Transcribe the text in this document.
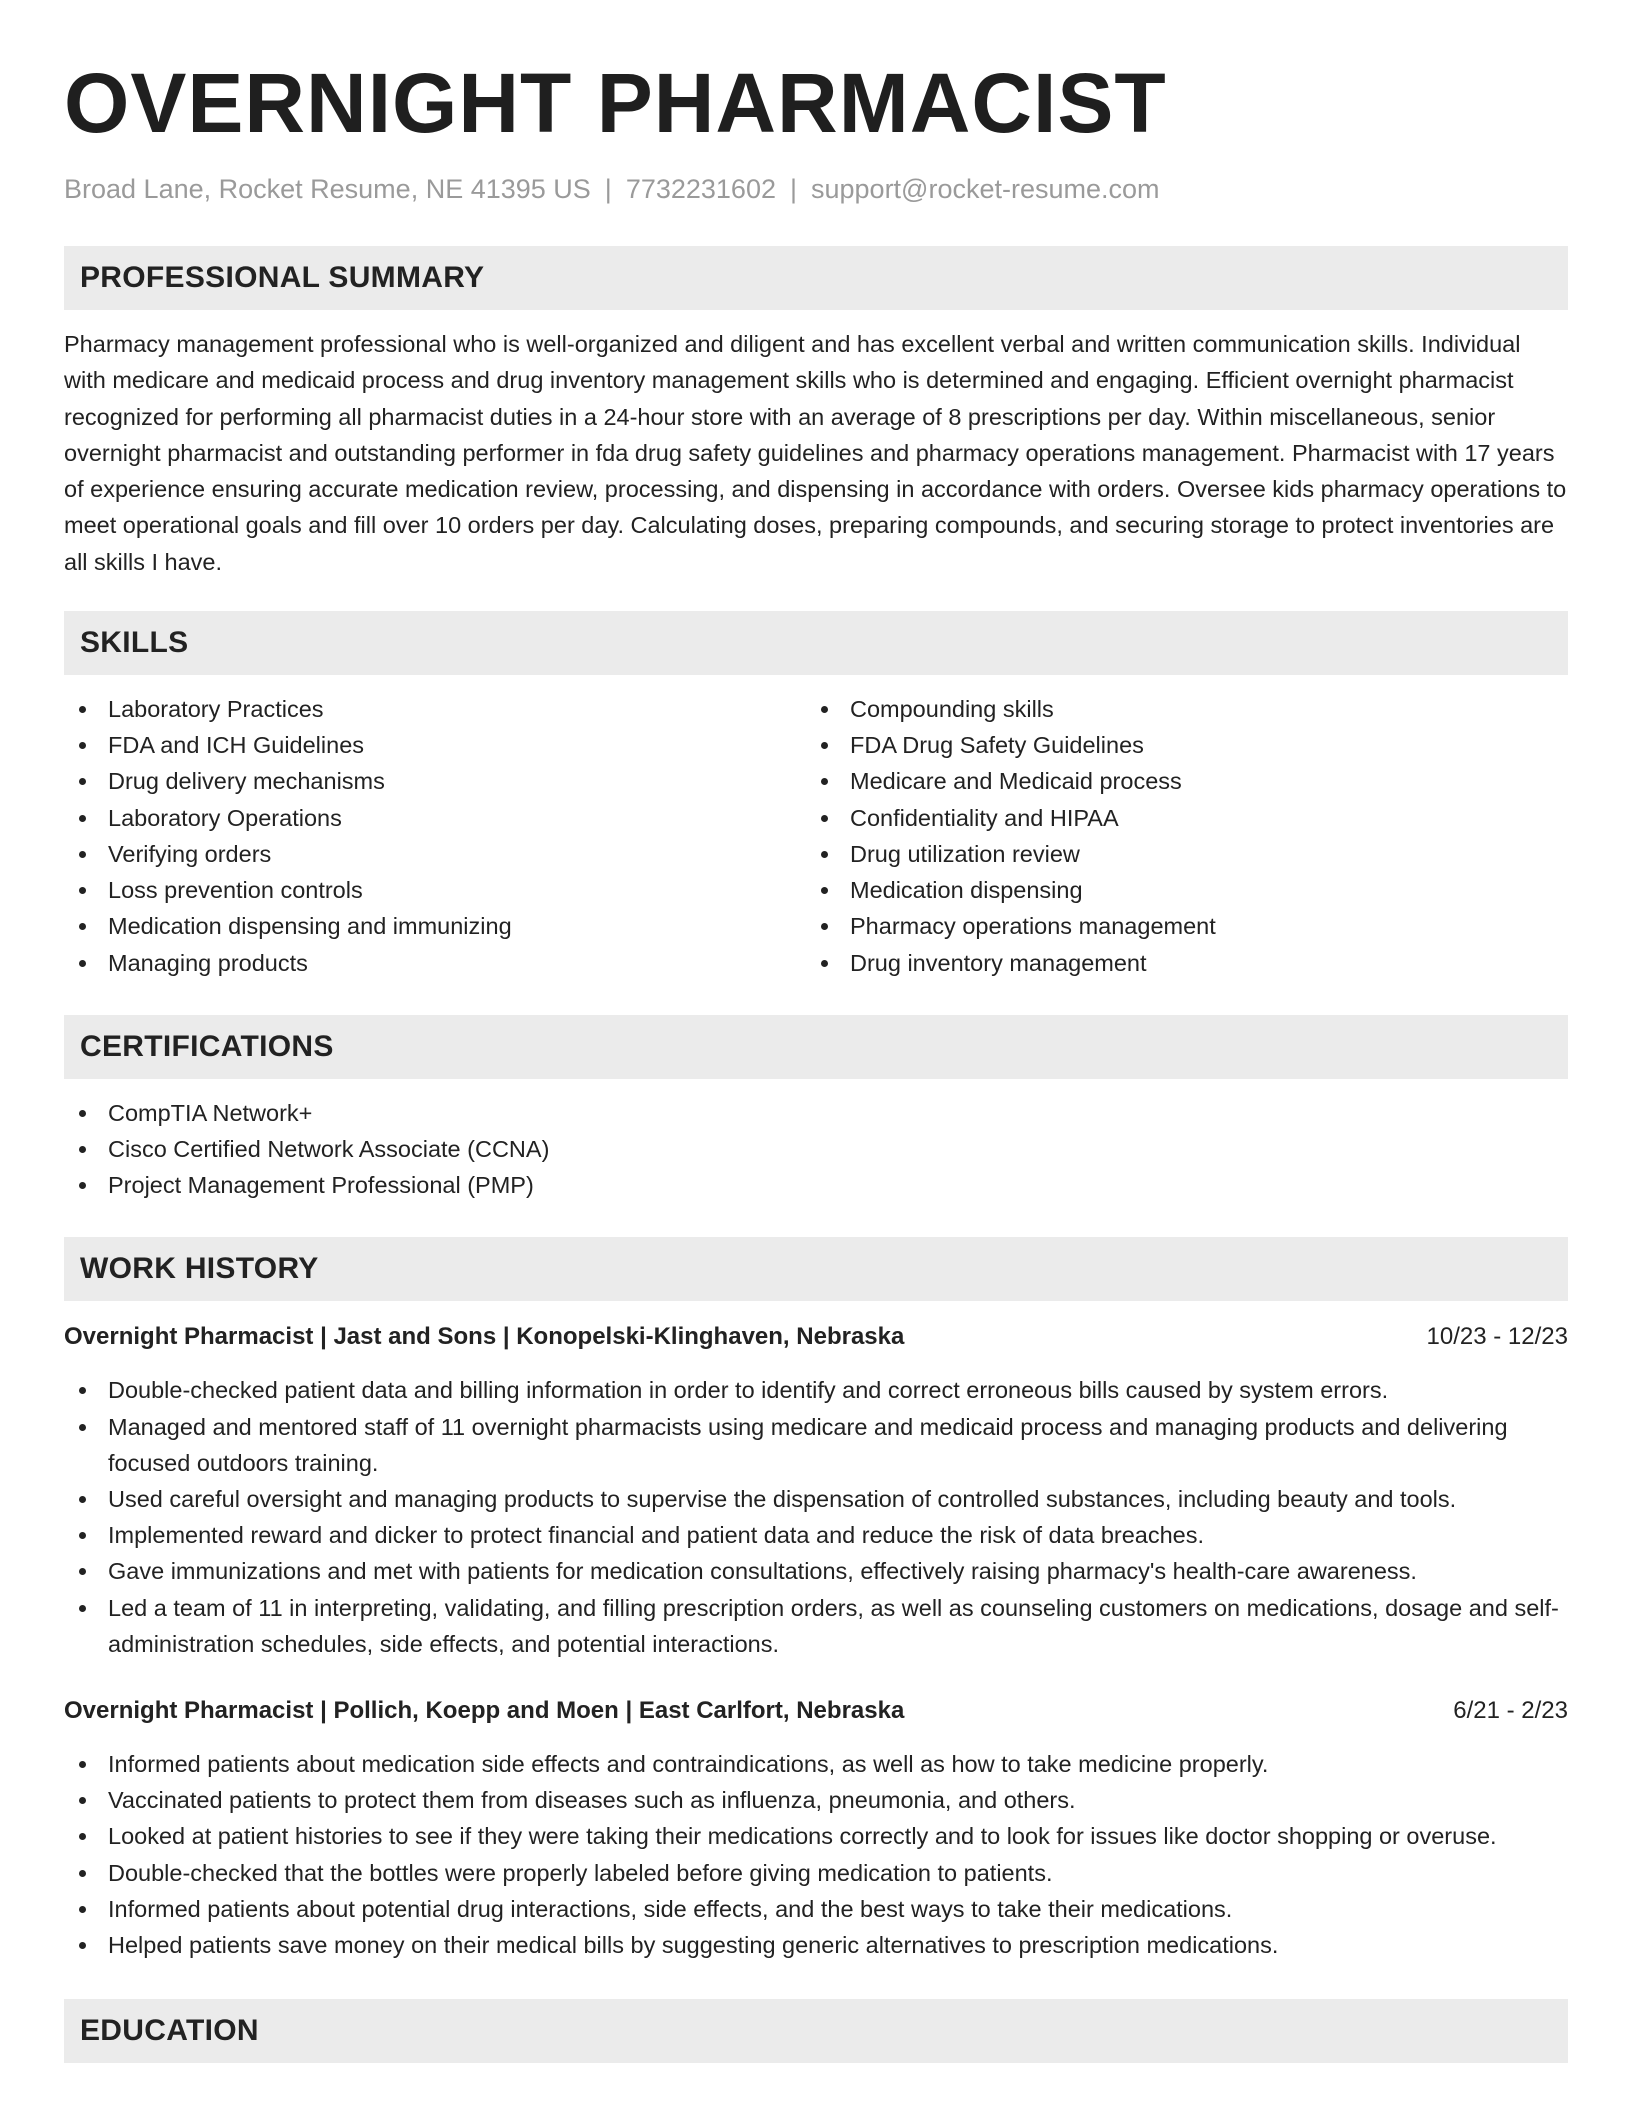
OVERNIGHT PHARMACIST
Broad Lane, Rocket Resume, NE 41395 US | 7732231602 | support@rocket-resume.com
PROFESSIONAL SUMMARY

Pharmacy management professional who is well-organized and diligent and has excellent verbal and written communication skills. Individual with medicare and medicaid process and drug inventory management skills who is determined and engaging. Efficient overnight pharmacist recognized for performing all pharmacist duties in a 24-hour store with an average of 8 prescriptions per day. Within miscellaneous, senior overnight pharmacist and outstanding performer in fda drug safety guidelines and pharmacy operations management. Pharmacist with 17 years of experience ensuring accurate medication review, processing, and dispensing in accordance with orders. Oversee kids pharmacy operations to meet operational goals and fill over 10 orders per day. Calculating doses, preparing compounds, and securing storage to protect inventories are all skills I have.

SKILLS
Laboratory Practices
FDA and ICH Guidelines
Drug delivery mechanisms
Laboratory Operations
Verifying orders
Loss prevention controls
Medication dispensing and immunizing
Managing products
Compounding skills
FDA Drug Safety Guidelines
Medicare and Medicaid process
Confidentiality and HIPAA
Drug utilization review
Medication dispensing
Pharmacy operations management
Drug inventory management
CERTIFICATIONS
CompTIA Network+
Cisco Certified Network Associate (CCNA)
Project Management Professional (PMP)
WORK HISTORY
Overnight Pharmacist | Jast and Sons | Konopelski-Klinghaven, Nebraska	10/23 - 12/23
Double-checked patient data and billing information in order to identify and correct erroneous bills caused by system errors.
Managed and mentored staff of 11 overnight pharmacists using medicare and medicaid process and managing products and delivering focused outdoors training.
Used careful oversight and managing products to supervise the dispensation of controlled substances, including beauty and tools.
Implemented reward and dicker to protect financial and patient data and reduce the risk of data breaches.
Gave immunizations and met with patients for medication consultations, effectively raising pharmacy's health-care awareness.
Led a team of 11 in interpreting, validating, and filling prescription orders, as well as counseling customers on medications, dosage and self-administration schedules, side effects, and potential interactions.
Overnight Pharmacist | Pollich, Koepp and Moen | East Carlfort, Nebraska	6/21 - 2/23
Informed patients about medication side effects and contraindications, as well as how to take medicine properly.
Vaccinated patients to protect them from diseases such as influenza, pneumonia, and others.
Looked at patient histories to see if they were taking their medications correctly and to look for issues like doctor shopping or overuse.
Double-checked that the bottles were properly labeled before giving medication to patients.
Informed patients about potential drug interactions, side effects, and the best ways to take their medications.
Helped patients save money on their medical bills by suggesting generic alternatives to prescription medications.
EDUCATION
